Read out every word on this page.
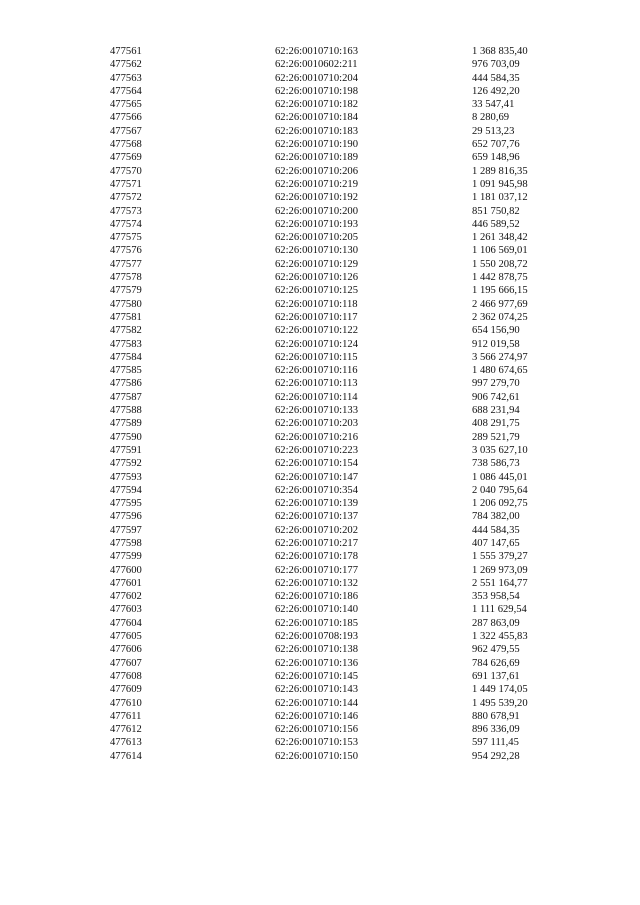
477561	62:26:0010710:163	1 368 835,40
477562	62:26:0010602:211	976 703,09
477563	62:26:0010710:204	444 584,35
477564	62:26:0010710:198	126 492,20
477565	62:26:0010710:182	33 547,41
477566	62:26:0010710:184	8 280,69
477567	62:26:0010710:183	29 513,23
477568	62:26:0010710:190	652 707,76
477569	62:26:0010710:189	659 148,96
477570	62:26:0010710:206	1 289 816,35
477571	62:26:0010710:219	1 091 945,98
477572	62:26:0010710:192	1 181 037,12
477573	62:26:0010710:200	851 750,82
477574	62:26:0010710:193	446 589,52
477575	62:26:0010710:205	1 261 348,42
477576	62:26:0010710:130	1 106 569,01
477577	62:26:0010710:129	1 550 208,72
477578	62:26:0010710:126	1 442 878,75
477579	62:26:0010710:125	1 195 666,15
477580	62:26:0010710:118	2 466 977,69
477581	62:26:0010710:117	2 362 074,25
477582	62:26:0010710:122	654 156,90
477583	62:26:0010710:124	912 019,58
477584	62:26:0010710:115	3 566 274,97
477585	62:26:0010710:116	1 480 674,65
477586	62:26:0010710:113	997 279,70
477587	62:26:0010710:114	906 742,61
477588	62:26:0010710:133	688 231,94
477589	62:26:0010710:203	408 291,75
477590	62:26:0010710:216	289 521,79
477591	62:26:0010710:223	3 035 627,10
477592	62:26:0010710:154	738 586,73
477593	62:26:0010710:147	1 086 445,01
477594	62:26:0010710:354	2 040 795,64
477595	62:26:0010710:139	1 206 092,75
477596	62:26:0010710:137	784 382,00
477597	62:26:0010710:202	444 584,35
477598	62:26:0010710:217	407 147,65
477599	62:26:0010710:178	1 555 379,27
477600	62:26:0010710:177	1 269 973,09
477601	62:26:0010710:132	2 551 164,77
477602	62:26:0010710:186	353 958,54
477603	62:26:0010710:140	1 111 629,54
477604	62:26:0010710:185	287 863,09
477605	62:26:0010708:193	1 322 455,83
477606	62:26:0010710:138	962 479,55
477607	62:26:0010710:136	784 626,69
477608	62:26:0010710:145	691 137,61
477609	62:26:0010710:143	1 449 174,05
477610	62:26:0010710:144	1 495 539,20
477611	62:26:0010710:146	880 678,91
477612	62:26:0010710:156	896 336,09
477613	62:26:0010710:153	597 111,45
477614	62:26:0010710:150	954 292,28
